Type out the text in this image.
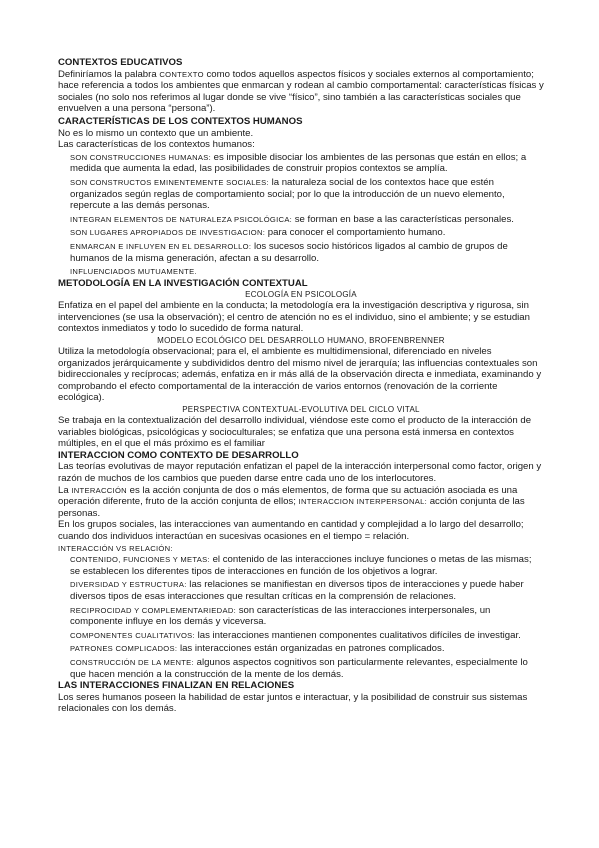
CONTEXTOS EDUCATIVOS

Definiríamos la palabra CONTEXTO como todos aquellos aspectos físicos y sociales externos al comportamiento; hace referencia a todos los ambientes que enmarcan y rodean al cambio comportamental: características físicas y sociales (no solo nos referimos al lugar donde se vive “físico”, sino también a las características sociales que envuelven a una persona “persona”).

CARACTERÍSTICAS DE LOS CONTEXTOS HUMANOS

No es lo mismo un contexto que un ambiente.

Las características de los contextos humanos:

SON CONSTRUCCIONES HUMANAS: es imposible disociar los ambientes de las personas que están en ellos; a medida que aumenta la edad, las posibilidades de construir propios contextos se amplía.

SON CONSTRUCTOS EMINENTEMENTE SOCIALES: la naturaleza social de los contextos hace que estén organizados según reglas de comportamiento social; por lo que la introducción de un nuevo elemento, repercute a las demás personas.

INTEGRAN ELEMENTOS DE NATURALEZA PSICOLÓGICA: se forman en base a las características personales.

SON LUGARES APROPIADOS DE INVESTIGACION: para conocer el comportamiento humano.

ENMARCAN E INFLUYEN EN EL DESARROLLO: los sucesos socio históricos ligados al cambio de grupos de humanos de la misma generación, afectan a su desarrollo.

INFLUENCIADOS MUTUAMENTE.

METODOLOGÍA EN LA INVESTIGACIÓN CONTEXTUAL

ECOLOGÍA EN PSICOLOGÍA

Enfatiza en el papel del ambiente en la conducta; la metodología era la investigación descriptiva y rigurosa, sin intervenciones (se usa la observación); el centro de atención no es el individuo, sino el ambiente; y se estudian contextos inmediatos y todo lo sucedido de forma natural.

MODELO ECOLÓGICO DEL DESARROLLO HUMANO, BROFENBRENNER

Utiliza la metodología observacional; para el, el ambiente es multidimensional, diferenciado en niveles organizados jerárquicamente y subdivididos dentro del mismo nivel de jerarquía; las influencias contextuales son bidireccionales y recíprocas; además, enfatiza en ir más allá de la observación directa e inmediata, examinando y comprobando el efecto comportamental de la interacción de varios entornos (renovación de la corriente ecológica).

PERSPECTIVA CONTEXTUAL-EVOLUTIVA DEL CICLO VITAL

Se trabaja en la contextualización del desarrollo individual, viéndose este como el producto de la interacción de variables biológicas, psicológicas y socioculturales; se enfatiza que una persona está inmersa en contextos múltiples, en el que el más próximo es el familiar

INTERACCION COMO CONTEXTO DE DESARROLLO

Las teorías evolutivas de mayor reputación enfatizan el papel de la interacción interpersonal como factor, origen y razón de muchos de los cambios que pueden darse entre cada uno de los interlocutores.

La INTERACCIÓN es la acción conjunta de dos o más elementos, de forma que su actuación asociada es una operación diferente, fruto de la acción conjunta de ellos; INTERACCION INTERPERSONAL: acción conjunta de las personas.

En los grupos sociales, las interacciones van aumentando en cantidad y complejidad a lo largo del desarrollo; cuando dos individuos interactúan en sucesivas ocasiones en el tiempo = relación.

INTERACCIÓN VS RELACIÓN:

CONTENIDO, FUNCIONES Y METAS: el contenido de las interacciones incluye funciones o metas de las mismas; se establecen los diferentes tipos de interacciones en función de los objetivos a lograr.

DIVERSIDAD Y ESTRUCTURA: las relaciones se manifiestan en diversos tipos de interacciones y puede haber diversos tipos de esas interacciones que resultan críticas en la comprensión de relaciones.

RECIPROCIDAD Y COMPLEMENTARIEDAD: son características de las interacciones interpersonales, un componente influye en los demás y viceversa.

COMPONENTES CUALITATIVOS: las interacciones mantienen componentes cualitativos difíciles de investigar.

PATRONES COMPLICADOS: las interacciones están organizadas en patrones complicados.

CONSTRUCCIÓN DE LA MENTE: algunos aspectos cognitivos son particularmente relevantes, especialmente lo que hacen mención a la construcción de la mente de los demás.

LAS INTERACCIONES FINALIZAN EN RELACIONES

Los seres humanos poseen la habilidad de estar juntos e interactuar, y la posibilidad de construir sus sistemas relacionales con los demás.
